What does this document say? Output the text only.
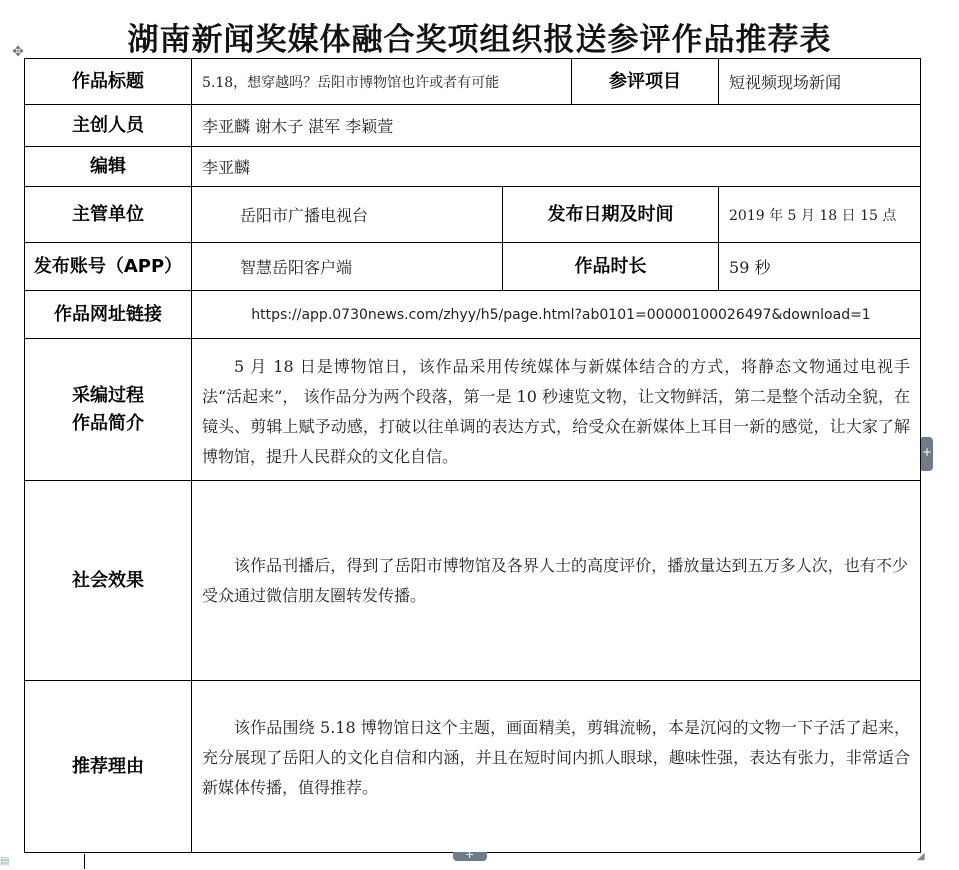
湖南新闻奖媒体融合奖项组织报送参评作品推荐表
✥
作品标题	5.18，想穿越吗？岳阳市博物馆也许或者有可能		参评项目	短视频现场新闻
主创人员	李亚麟 谢木子 湛军 李颖萱			
编辑	李亚麟			
主管单位	岳阳市广播电视台	发布日期及时间		2019 年 5 月 18 日 15 点
发布账号（APP）	智慧岳阳客户端	作品时长		59 秒
作品网址链接	https://app.0730news.com/zhyy/h5/page.html?ab0101=00000100026497&download=1			

采编过程
作品简介	5 月 18 日是博物馆日，该作品采用传统媒体与新媒体结合的方式，将静态文物通过电视手法“活起来”， 该作品分为两个段落，第一是 10 秒速览文物，让文物鲜活，第二是整个活动全貌，在镜头、剪辑上赋予动感，打破以往单调的表达方式，给受众在新媒体上耳目一新的感觉，让大家了解博物馆，提升人民群众的文化自信。			
社会效果	该作品刊播后，得到了岳阳市博物馆及各界人士的高度评价，播放量达到五万多人次，也有不少受众通过微信朋友圈转发传播。			
推荐理由	该作品围绕 5.18 博物馆日这个主题，画面精美，剪辑流畅，本是沉闷的文物一下子活了起来，充分展现了岳阳人的文化自信和内涵，并且在短时间内抓人眼球，趣味性强，表达有张力，非常适合新媒体传播，值得推荐。			
+
+	◢
▤
